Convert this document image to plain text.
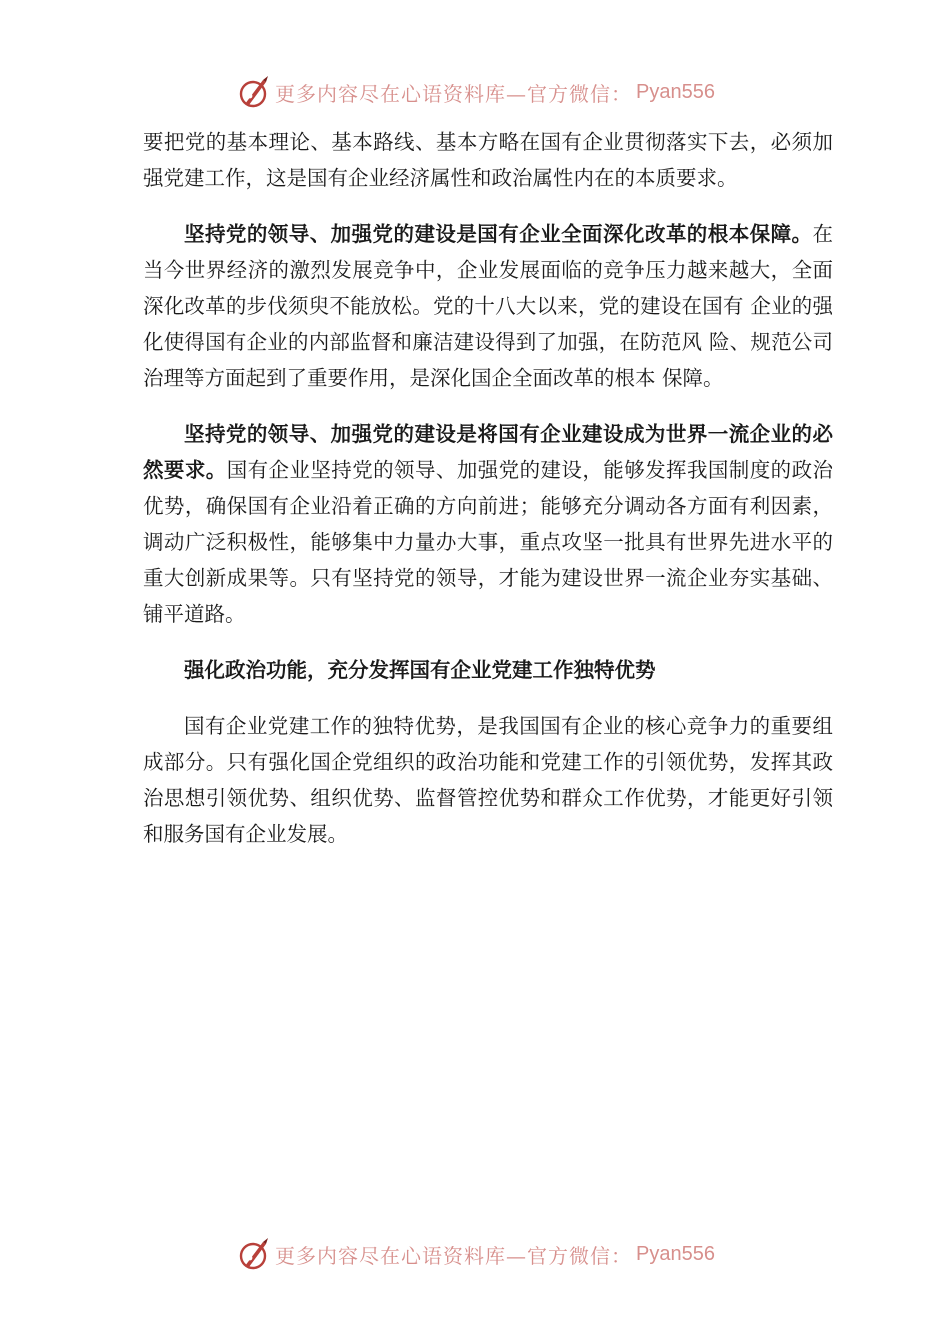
更多内容尽在心语资料库—官方微信： Pyan556

要把党的基本理论、基本路线、基本方略在国有企业贯彻落实下去，必须加强党建工作，这是国有企业经济属性和政治属性内在的本质要求。

坚持党的领导、加强党的建设是国有企业全面深化改革的根本保障。在当今世界经济的激烈发展竞争中，企业发展面临的竞争压力越来越大，全面深化改革的步伐须臾不能放松。党的十八大以来，党的建设在国有 企业的强化使得国有企业的内部监督和廉洁建设得到了加强，在防范风 险、规范公司治理等方面起到了重要作用，是深化国企全面改革的根本 保障。

坚持党的领导、加强党的建设是将国有企业建设成为世界一流企业的必然要求。国有企业坚持党的领导、加强党的建设，能够发挥我国制度的政治优势，确保国有企业沿着正确的方向前进；能够充分调动各方面有利因素，调动广泛积极性，能够集中力量办大事，重点攻坚一批具有世界先进水平的重大创新成果等。只有坚持党的领导，才能为建设世界一流企业夯实基础、铺平道路。

强化政治功能，充分发挥国有企业党建工作独特优势

国有企业党建工作的独特优势，是我国国有企业的核心竞争力的重要组成部分。只有强化国企党组织的政治功能和党建工作的引领优势，发挥其政治思想引领优势、组织优势、监督管控优势和群众工作优势，才能更好引领和服务国有企业发展。

更多内容尽在心语资料库—官方微信： Pyan556
